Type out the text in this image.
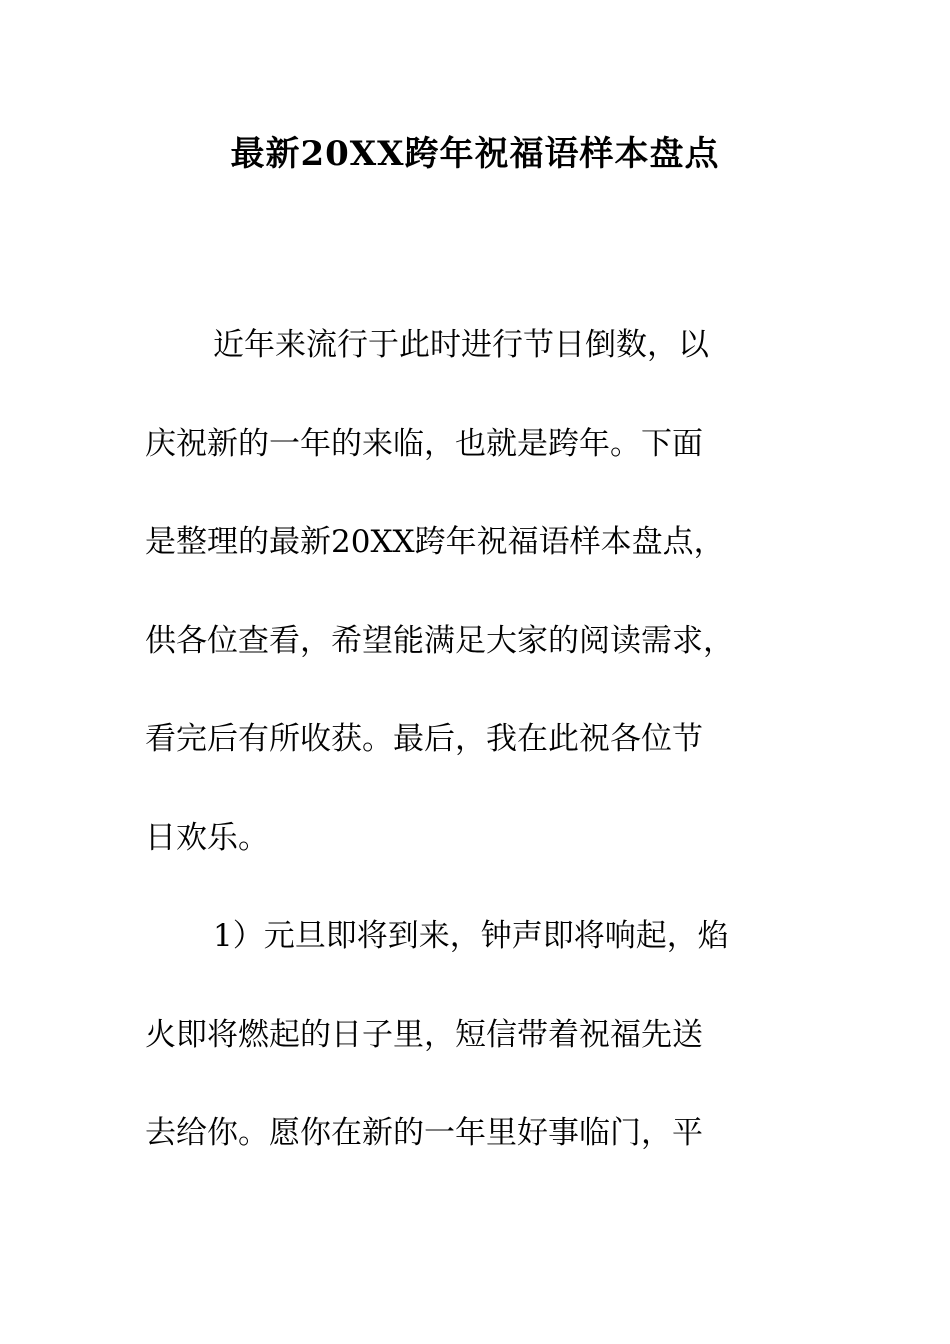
最新20XX跨年祝福语样本盘点

近年来流行于此时进行节日倒数，以
庆祝新的一年的来临，也就是跨年。下面
是整理的最新20XX跨年祝福语样本盘点，
供各位查看，希望能满足大家的阅读需求，
看完后有所收获。最后，我在此祝各位节
日欢乐。

1）元旦即将到来，钟声即将响起，焰
火即将燃起的日子里，短信带着祝福先送
去给你。愿你在新的一年里好事临门，平
